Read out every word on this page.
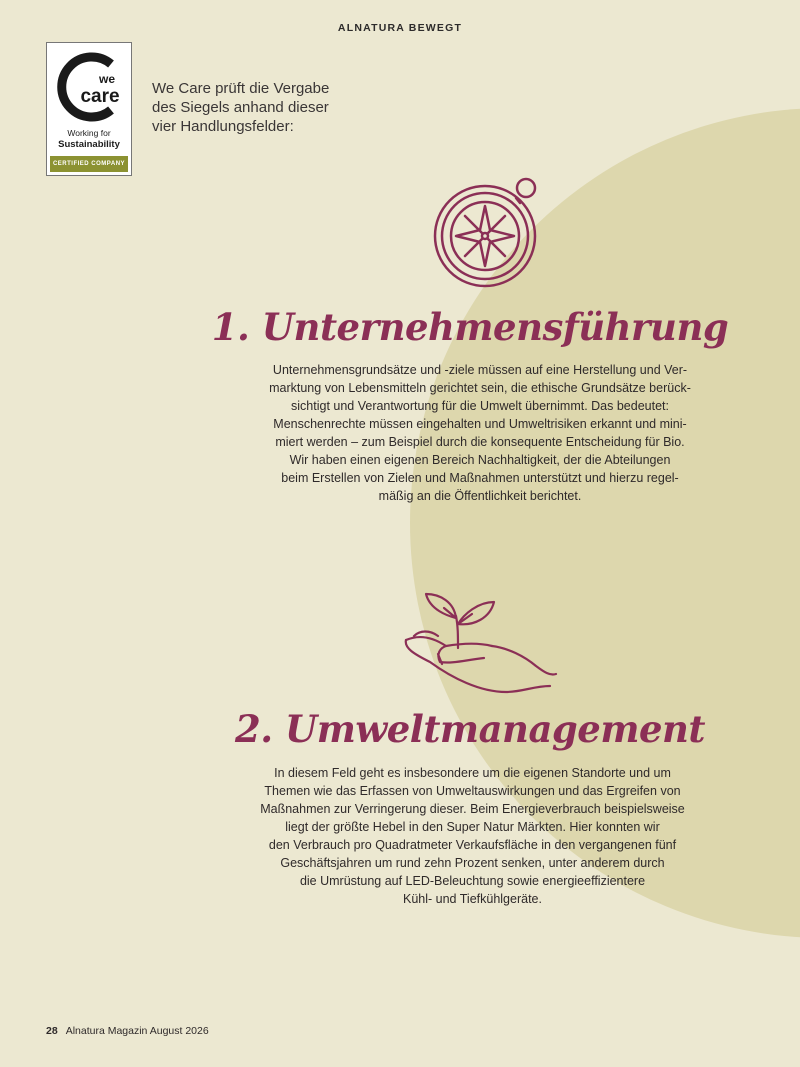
ALNATURA BEWEGT
we
care
Working for
Sustainability
CERTIFIED COMPANY
We Care prüft die Vergabe
des Siegels anhand dieser
vier Handlungsfelder:
1. Unternehmensführung
Unternehmensgrundsätze und -ziele müssen auf eine Herstellung und Ver-
marktung von Lebensmitteln gerichtet sein, die ethische Grundsätze berück-
sichtigt und Verantwortung für die Umwelt übernimmt. Das bedeutet:
Menschenrechte müssen eingehalten und Umweltrisiken erkannt und mini-
miert werden – zum Beispiel durch die konsequente Entscheidung für Bio.
Wir haben einen eigenen Bereich Nachhaltigkeit, der die Abteilungen
beim Erstellen von Zielen und Maßnahmen unterstützt und hierzu regel-
mäßig an die Öffentlichkeit berichtet.
2. Umweltmanagement
In diesem Feld geht es insbesondere um die eigenen Standorte und um
Themen wie das Erfassen von Umweltauswirkungen und das Ergreifen von
Maßnahmen zur Verringerung dieser. Beim Energieverbrauch beispielsweise
liegt der größte Hebel in den Super Natur Märkten. Hier konnten wir
den Verbrauch pro Quadratmeter Verkaufsfläche in den vergangenen fünf
Geschäftsjahren um rund zehn Prozent senken, unter anderem durch
die Umrüstung auf LED-Beleuchtung sowie energieeffizientere
Kühl- und Tiefkühlgeräte.
28 Alnatura Magazin August 2026
